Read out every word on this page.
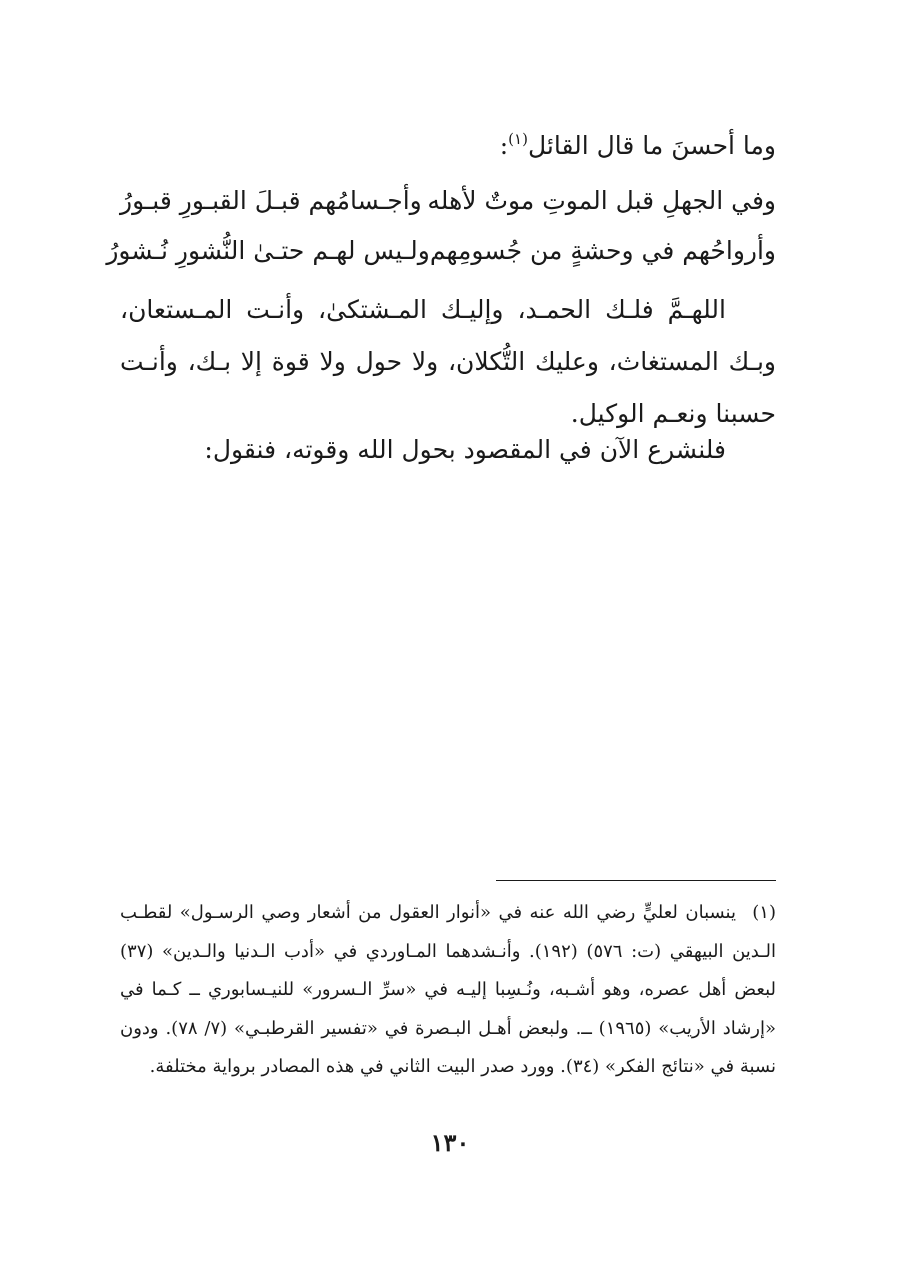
وما أحسنَ ما قال القائل$^{(١)}$:
وفي الجهلِ قبل الموتِ موتٌ لأهله
وأجـسامُهم قبـلَ القبـورِ قبـورُ
وأرواحُهم في وحشةٍ من جُسومِهم
ولـيس لهـم حتـىٰ النُّشورِ نُـشورُ

اللهـمَّ فلـك الحمـد، وإليـك المـشتكىٰ، وأنـت المـستعان، وبـك المستغاث، وعليك التُّكلان، ولا حول ولا قوة إلا بـك، وأنـت حسبنا ونعـم الوكيل.

فلنشرع الآن في المقصود بحول الله وقوته، فنقول:

(١)ينسبان لعليٍّ رضي الله عنه في «أنوار العقول من أشعار وصي الرسـول» لقطـب الـدين البيهقي (ت: ٥٧٦) (١٩٢). وأنـشدهما المـاوردي في «أدب الـدنيا والـدين» (٣٧) لبعض أهل عصره، وهو أشـبه، ونُـسِبا إليـه في «سرِّ الـسرور» للنيـسابوري ــ كـما في «إرشاد الأريب» (١٩٦٥) ــ. ولبعض أهـل البـصرة في «تفسير القرطبـي» (٧/ ٧٨). ودون نسبة في «نتائج الفكر» (٣٤). وورد صدر البيت الثاني في هذه المصادر برواية مختلفة.
١٣٠
